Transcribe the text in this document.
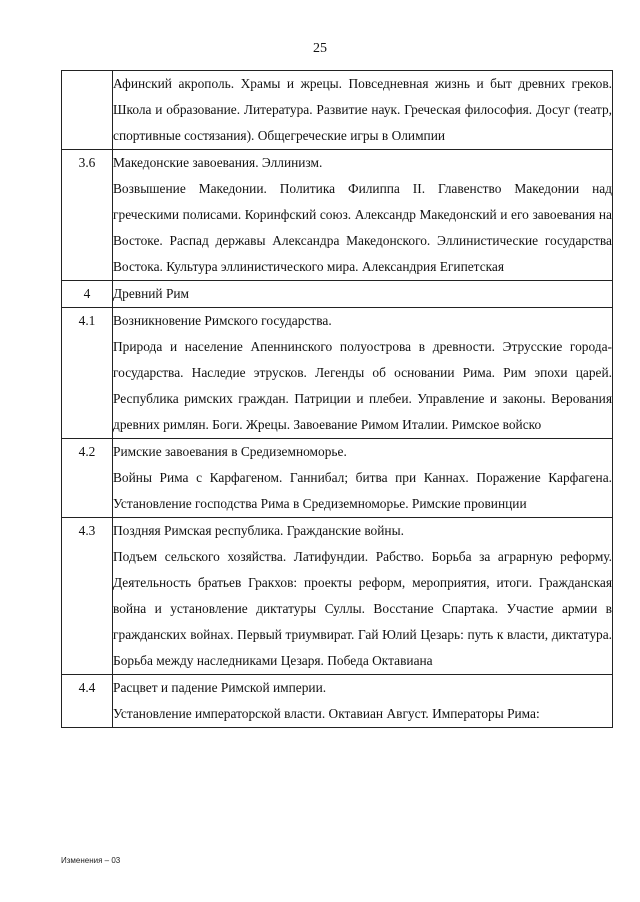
25

	Афинский акрополь. Храмы и жрецы. Повседневная жизнь и быт древних греков. Школа и образование. Литература. Развитие наук. Греческая философия. Досуг (театр, спортивные состязания). Общегреческие игры в Олимпии

3.6	Македонские завоевания. Эллинизм.
Возвышение Македонии. Политика Филиппа II. Главенство Македонии над греческими полисами. Коринфский союз. Александр Македонский и его завоевания на Востоке. Распад державы Александра Македонского. Эллинистические государства Востока. Культура эллинистического мира. Александрия Египетская

4	Древний Рим

4.1	Возникновение Римского государства.
Природа и население Апеннинского полуострова в древности. Этрусские города-государства. Наследие этрусков. Легенды об основании Рима. Рим эпохи царей. Республика римских граждан. Патриции и плебеи. Управление и законы. Верования древних римлян. Боги. Жрецы. Завоевание Римом Италии. Римское войско

4.2	Римские завоевания в Средиземноморье.
Войны Рима с Карфагеном. Ганнибал; битва при Каннах. Поражение Карфагена. Установление господства Рима в Средиземноморье. Римские провинции

4.3	Поздняя Римская республика. Гражданские войны.
Подъем сельского хозяйства. Латифундии. Рабство. Борьба за аграрную реформу. Деятельность братьев Гракхов: проекты реформ, мероприятия, итоги. Гражданская война и установление диктатуры Суллы. Восстание Спартака. Участие армии в гражданских войнах. Первый триумвират. Гай Юлий Цезарь: путь к власти, диктатура. Борьба между наследниками Цезаря. Победа Октавиана

4.4	Расцвет и падение Римской империи.
Установление императорской власти. Октавиан Август. Императоры Рима:
Изменения – 03
